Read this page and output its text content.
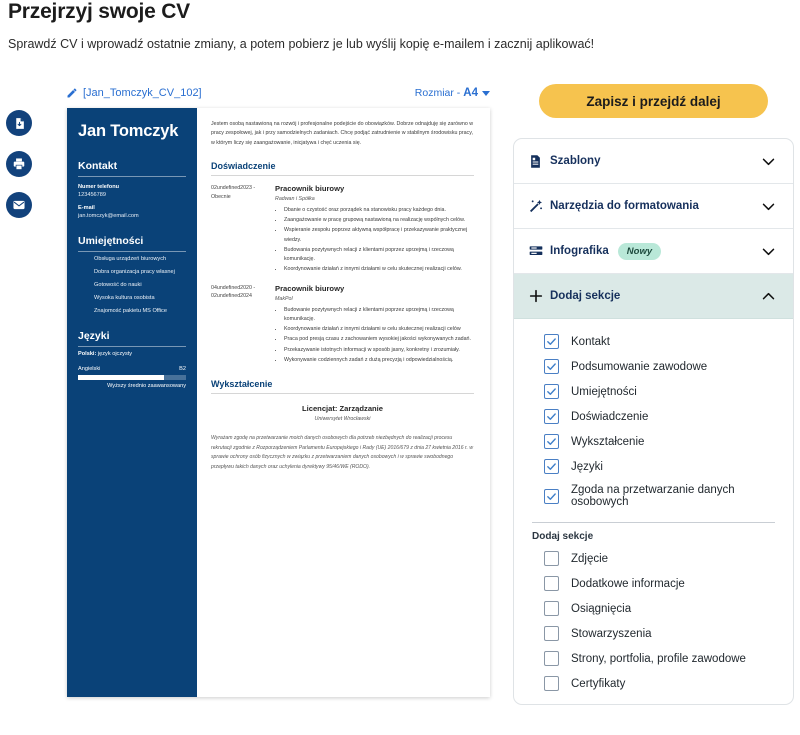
Przejrzyj swoje CV
Sprawdź CV i wprowadź ostatnie zmiany, a potem pobierz je lub wyślij kopię e-mailem i zacznij aplikować!
[Jan_Tomczyk_CV_102]	Rozmiar - A4
Jan Tomczyk
Kontakt
Numer telefonu
123456789
E-mail
jan.tomczyk@email.com
Umiejętności
Obsługa urządzeń biurowych
Dobra organizacja pracy własnej
Gotowość do nauki
Wysoka kultura osobista
Znajomość pakietu MS Office
Języki
Polski: język ojczysty
Angielski	B2
Wyższy średnio zaawansowany
Jestem osobą nastawioną na rozwój i profesjonalne podejście do obowiązków. Dobrze odnajduję się zarówno w pracy zespołowej, jak i przy samodzielnych zadaniach. Chcę podjąć zatrudnienie w stabilnym środowisku pracy, w którym liczy się zaangażowanie, inicjatywa i chęć uczenia się.
Doświadczenie
02undefined2023 - Obecnie
Pracownik biurowy
Radwan i Spółka
• Dbanie o czystość oraz porządek na stanowisku pracy każdego dnia.
• Zaangażowanie w pracę grupową nastawioną na realizację wspólnych celów.
• Wspieranie zespołu poprzez aktywną współpracę i przekazywanie praktycznej wiedzy.
• Budowania pozytywnych relacji z klientami poprzez uprzejmą i rzeczową komunikację.
• Koordynowanie działań z innymi działami w celu skutecznej realizacji celów.
04undefined2020 - 02undefined2024
Pracownik biurowy
MakPol
• Budowanie pozytywnych relacji z klientami poprzez uprzejmą i rzeczową komunikację.
• Koordynowanie działań z innymi działami w celu skutecznej realizacji celów
• Praca pod presją czasu z zachowaniem wysokiej jakości wykonywanych zadań.
• Przekazywanie istotnych informacji w sposób jasny, konkretny i zrozumiały.
• Wykonywanie codziennych zadań z dużą precyzją i odpowiedzialnością.
Wykształcenie
Licencjat: Zarządzanie
Uniwersytet Wrocławski
Wyrażam zgodę na przetwarzanie moich danych osobowych dla potrzeb niezbędnych do realizacji procesu rekrutacji zgodnie z Rozporządzeniem Parlamentu Europejskiego i Rady (UE) 2016/679 z dnia 27 kwietnia 2016 r. w sprawie ochrony osób fizycznych w związku z przetwarzaniem danych osobowych i w sprawie swobodnego przepływu takich danych oraz uchylenia dyrektywy 95/46/WE (RODO).
Zapisz i przejdź dalej
Szablony
Narzędzia do formatowania
Infografika	Nowy
Dodaj sekcje
Kontakt
Podsumowanie zawodowe
Umiejętności
Doświadczenie
Wykształcenie
Języki
Zgoda na przetwarzanie danych osobowych
Dodaj sekcje
Zdjęcie
Dodatkowe informacje
Osiągnięcia
Stowarzyszenia
Strony, portfolia, profile zawodowe
Certyfikaty
